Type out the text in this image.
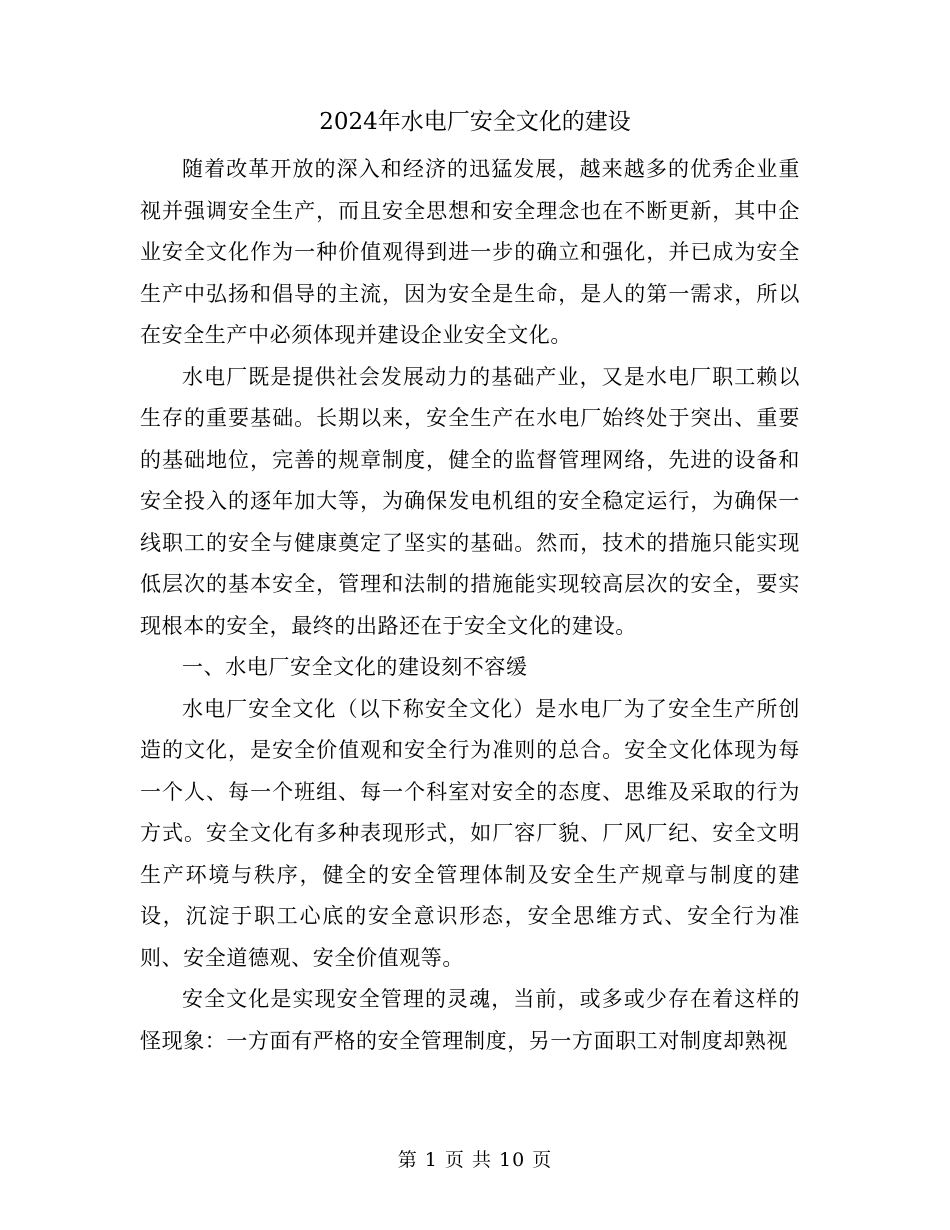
2024年水电厂安全文化的建设

随着改革开放的深入和经济的迅猛发展，越来越多的优秀企业重视并强调安全生产，而且安全思想和安全理念也在不断更新，其中企业安全文化作为一种价值观得到进一步的确立和强化，并已成为安全生产中弘扬和倡导的主流，因为安全是生命，是人的第一需求，所以在安全生产中必须体现并建设企业安全文化。

水电厂既是提供社会发展动力的基础产业，又是水电厂职工赖以生存的重要基础。长期以来，安全生产在水电厂始终处于突出、重要的基础地位，完善的规章制度，健全的监督管理网络，先进的设备和安全投入的逐年加大等，为确保发电机组的安全稳定运行，为确保一线职工的安全与健康奠定了坚实的基础。然而，技术的措施只能实现低层次的基本安全，管理和法制的措施能实现较高层次的安全，要实现根本的安全，最终的出路还在于安全文化的建设。

一、水电厂安全文化的建设刻不容缓

水电厂安全文化（以下称安全文化）是水电厂为了安全生产所创造的文化，是安全价值观和安全行为准则的总合。安全文化体现为每一个人、每一个班组、每一个科室对安全的态度、思维及采取的行为方式。安全文化有多种表现形式，如厂容厂貌、厂风厂纪、安全文明生产环境与秩序，健全的安全管理体制及安全生产规章与制度的建设，沉淀于职工心底的安全意识形态，安全思维方式、安全行为准则、安全道德观、安全价值观等。

安全文化是实现安全管理的灵魂，当前，或多或少存在着这样的怪现象：一方面有严格的安全管理制度，另一方面职工对制度却熟视

第 1 页 共 10 页
